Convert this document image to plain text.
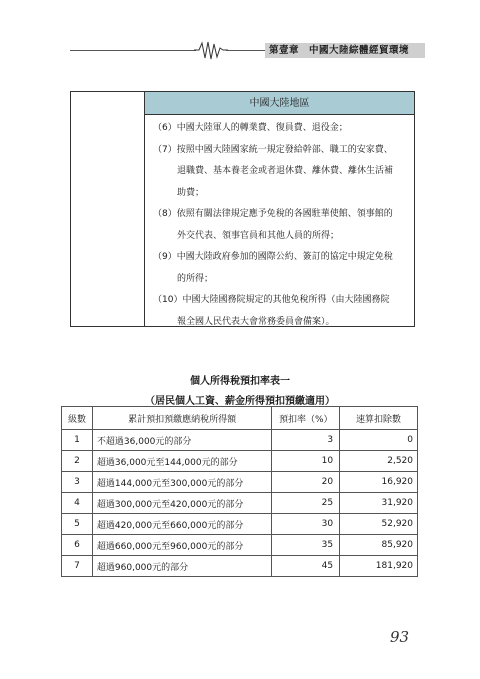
第壹章 中國大陸綜體經貿環境
中國大陸地區
（6）中國大陸軍人的轉業費、復員費、退役金；
（7）按照中國大陸國家統一規定發給幹部、職工的安家費、
退職費、基本養老金或者退休費、離休費、離休生活補
助費；
（8）依照有關法律規定應予免稅的各國駐華使館、領事館的
外交代表、領事官員和其他人員的所得；
（9）中國大陸政府參加的國際公約、簽訂的協定中規定免稅
的所得；
（10）中國大陸國務院規定的其他免稅所得（由大陸國務院
報全國人民代表大會常務委員會備案）。
個人所得稅預扣率表一
（居民個人工資、薪金所得預扣預繳適用）
級數	累計預扣預繳應納稅所得額	預扣率（%）	速算扣除數
1	不超過36,000元的部分	3	0
2	超過36,000元至144,000元的部分	10	2,520
3	超過144,000元至300,000元的部分	20	16,920
4	超過300,000元至420,000元的部分	25	31,920
5	超過420,000元至660,000元的部分	30	52,920
6	超過660,000元至960,000元的部分	35	85,920
7	超過960,000元的部分	45	181,920
93
